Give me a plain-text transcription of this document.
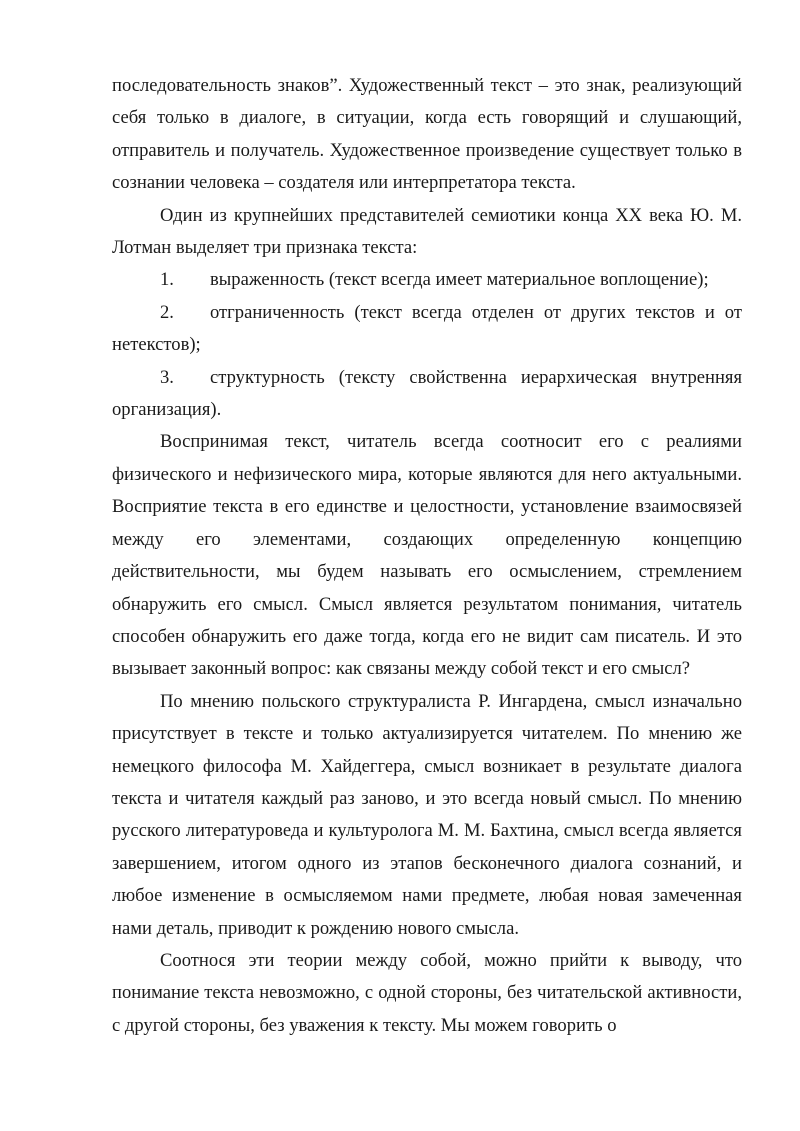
последовательность знаков”. Художественный текст – это знак, реализующий себя только в диалоге, в ситуации, когда есть говорящий и слушающий, отправитель и получатель. Художественное произведение существует только в сознании человека – создателя или интерпретатора текста.

Один из крупнейших представителей семиотики конца ХХ века Ю. М. Лотман выделяет три признака текста:

1. выраженность (текст всегда имеет материальное воплощение);

2. отграниченность (текст всегда отделен от других текстов и от нетекстов);

3. структурность (тексту свойственна иерархическая внутренняя организация).

Воспринимая текст, читатель всегда соотносит его с реалиями физического и нефизического мира, которые являются для него актуальными. Восприятие текста в его единстве и целостности, установление взаимосвязей между его элементами, создающих определенную концепцию действительности, мы будем называть его осмыслением, стремлением обнаружить его смысл. Смысл является результатом понимания, читатель способен обнаружить его даже тогда, когда его не видит сам писатель. И это вызывает законный вопрос: как связаны между собой текст и его смысл?

По мнению польского структуралиста Р. Ингардена, смысл изначально присутствует в тексте и только актуализируется читателем. По мнению же немецкого философа М. Хайдеггера, смысл возникает в результате диалога текста и читателя каждый раз заново, и это всегда новый смысл. По мнению русского литературоведа и культуролога М. М. Бахтина, смысл всегда является завершением, итогом одного из этапов бесконечного диалога сознаний, и любое изменение в осмысляемом нами предмете, любая новая замеченная нами деталь, приводит к рождению нового смысла.

Соотнося эти теории между собой, можно прийти к выводу, что понимание текста невозможно, с одной стороны, без читательской активности, с другой стороны, без уважения к тексту. Мы можем говорить о
